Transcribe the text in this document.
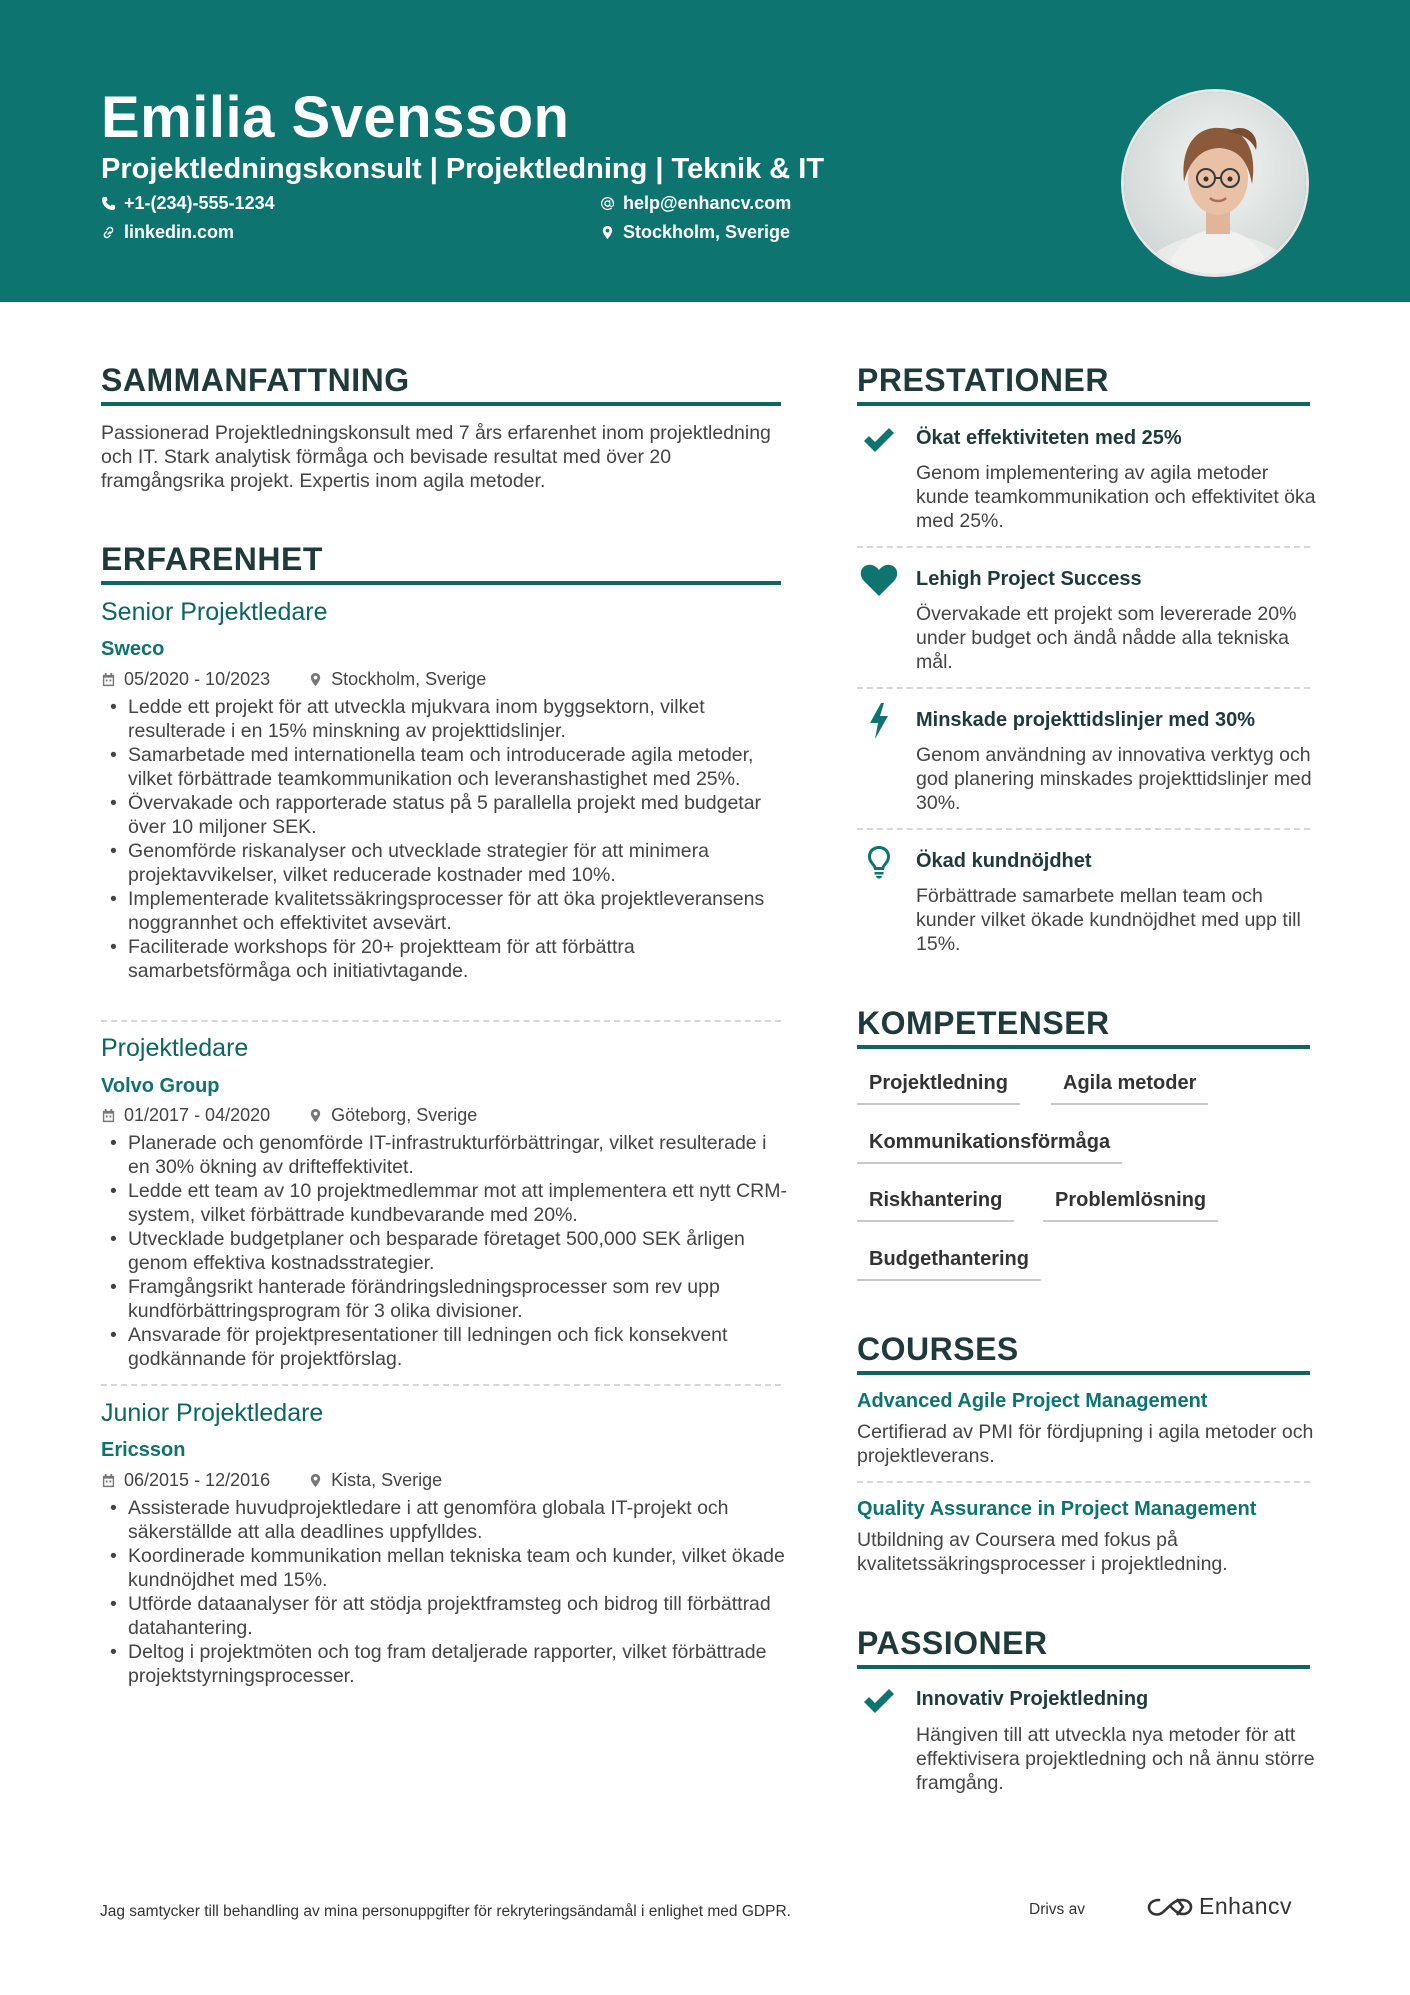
Emilia Svensson
Projektledningskonsult | Projektledning | Teknik & IT
+1-(234)-555-1234	help@enhancv.com
linkedin.com	Stockholm, Sverige
SAMMANFATTNING
Passionerad Projektledningskonsult med 7 års erfarenhet inom projektledning och IT. Stark analytisk förmåga och bevisade resultat med över 20 framgångsrika projekt. Expertis inom agila metoder.
ERFARENHET
Senior Projektledare
Sweco
05/2020 - 10/2023	Stockholm, Sverige
• Ledde ett projekt för att utveckla mjukvara inom byggsektorn, vilket resulterade i en 15% minskning av projekttidslinjer.
• Samarbetade med internationella team och introducerade agila metoder, vilket förbättrade teamkommunikation och leveranshastighet med 25%.
• Övervakade och rapporterade status på 5 parallella projekt med budgetar över 10 miljoner SEK.
• Genomförde riskanalyser och utvecklade strategier för att minimera projektavvikelser, vilket reducerade kostnader med 10%.
• Implementerade kvalitetssäkringsprocesser för att öka projektleveransens noggrannhet och effektivitet avsevärt.
• Faciliterade workshops för 20+ projektteam för att förbättra samarbetsförmåga och initiativtagande.
Projektledare
Volvo Group
01/2017 - 04/2020	Göteborg, Sverige
• Planerade och genomförde IT-infrastrukturförbättringar, vilket resulterade i en 30% ökning av drifteffektivitet.
• Ledde ett team av 10 projektmedlemmar mot att implementera ett nytt CRM-system, vilket förbättrade kundbevarande med 20%.
• Utvecklade budgetplaner och besparade företaget 500,000 SEK årligen genom effektiva kostnadsstrategier.
• Framgångsrikt hanterade förändringsledningsprocesser som rev upp kundförbättringsprogram för 3 olika divisioner.
• Ansvarade för projektpresentationer till ledningen och fick konsekvent godkännande för projektförslag.
Junior Projektledare
Ericsson
06/2015 - 12/2016	Kista, Sverige
• Assisterade huvudprojektledare i att genomföra globala IT-projekt och säkerställde att alla deadlines uppfylldes.
• Koordinerade kommunikation mellan tekniska team och kunder, vilket ökade kundnöjdhet med 15%.
• Utförde dataanalyser för att stödja projektframsteg och bidrog till förbättrad datahantering.
• Deltog i projektmöten och tog fram detaljerade rapporter, vilket förbättrade projektstyrningsprocesser.
PRESTATIONER
Ökat effektiviteten med 25%
Genom implementering av agila metoder kunde teamkommunikation och effektivitet öka med 25%.
Lehigh Project Success
Övervakade ett projekt som levererade 20% under budget och ändå nådde alla tekniska mål.
Minskade projekttidslinjer med 30%
Genom användning av innovativa verktyg och god planering minskades projekttidslinjer med 30%.
Ökad kundnöjdhet
Förbättrade samarbete mellan team och kunder vilket ökade kundnöjdhet med upp till 15%.
KOMPETENSER
Projektledning	Agila metoder
Kommunikationsförmåga
Riskhantering	Problemlösning
Budgethantering
COURSES
Advanced Agile Project Management
Certifierad av PMI för fördjupning i agila metoder och projektleverans.
Quality Assurance in Project Management
Utbildning av Coursera med fokus på kvalitetssäkringsprocesser i projektledning.
PASSIONER
Innovativ Projektledning
Hängiven till att utveckla nya metoder för att effektivisera projektledning och nå ännu större framgång.
Jag samtycker till behandling av mina personuppgifter för rekryteringsändamål i enlighet med GDPR.	Drivs av	Enhancv
